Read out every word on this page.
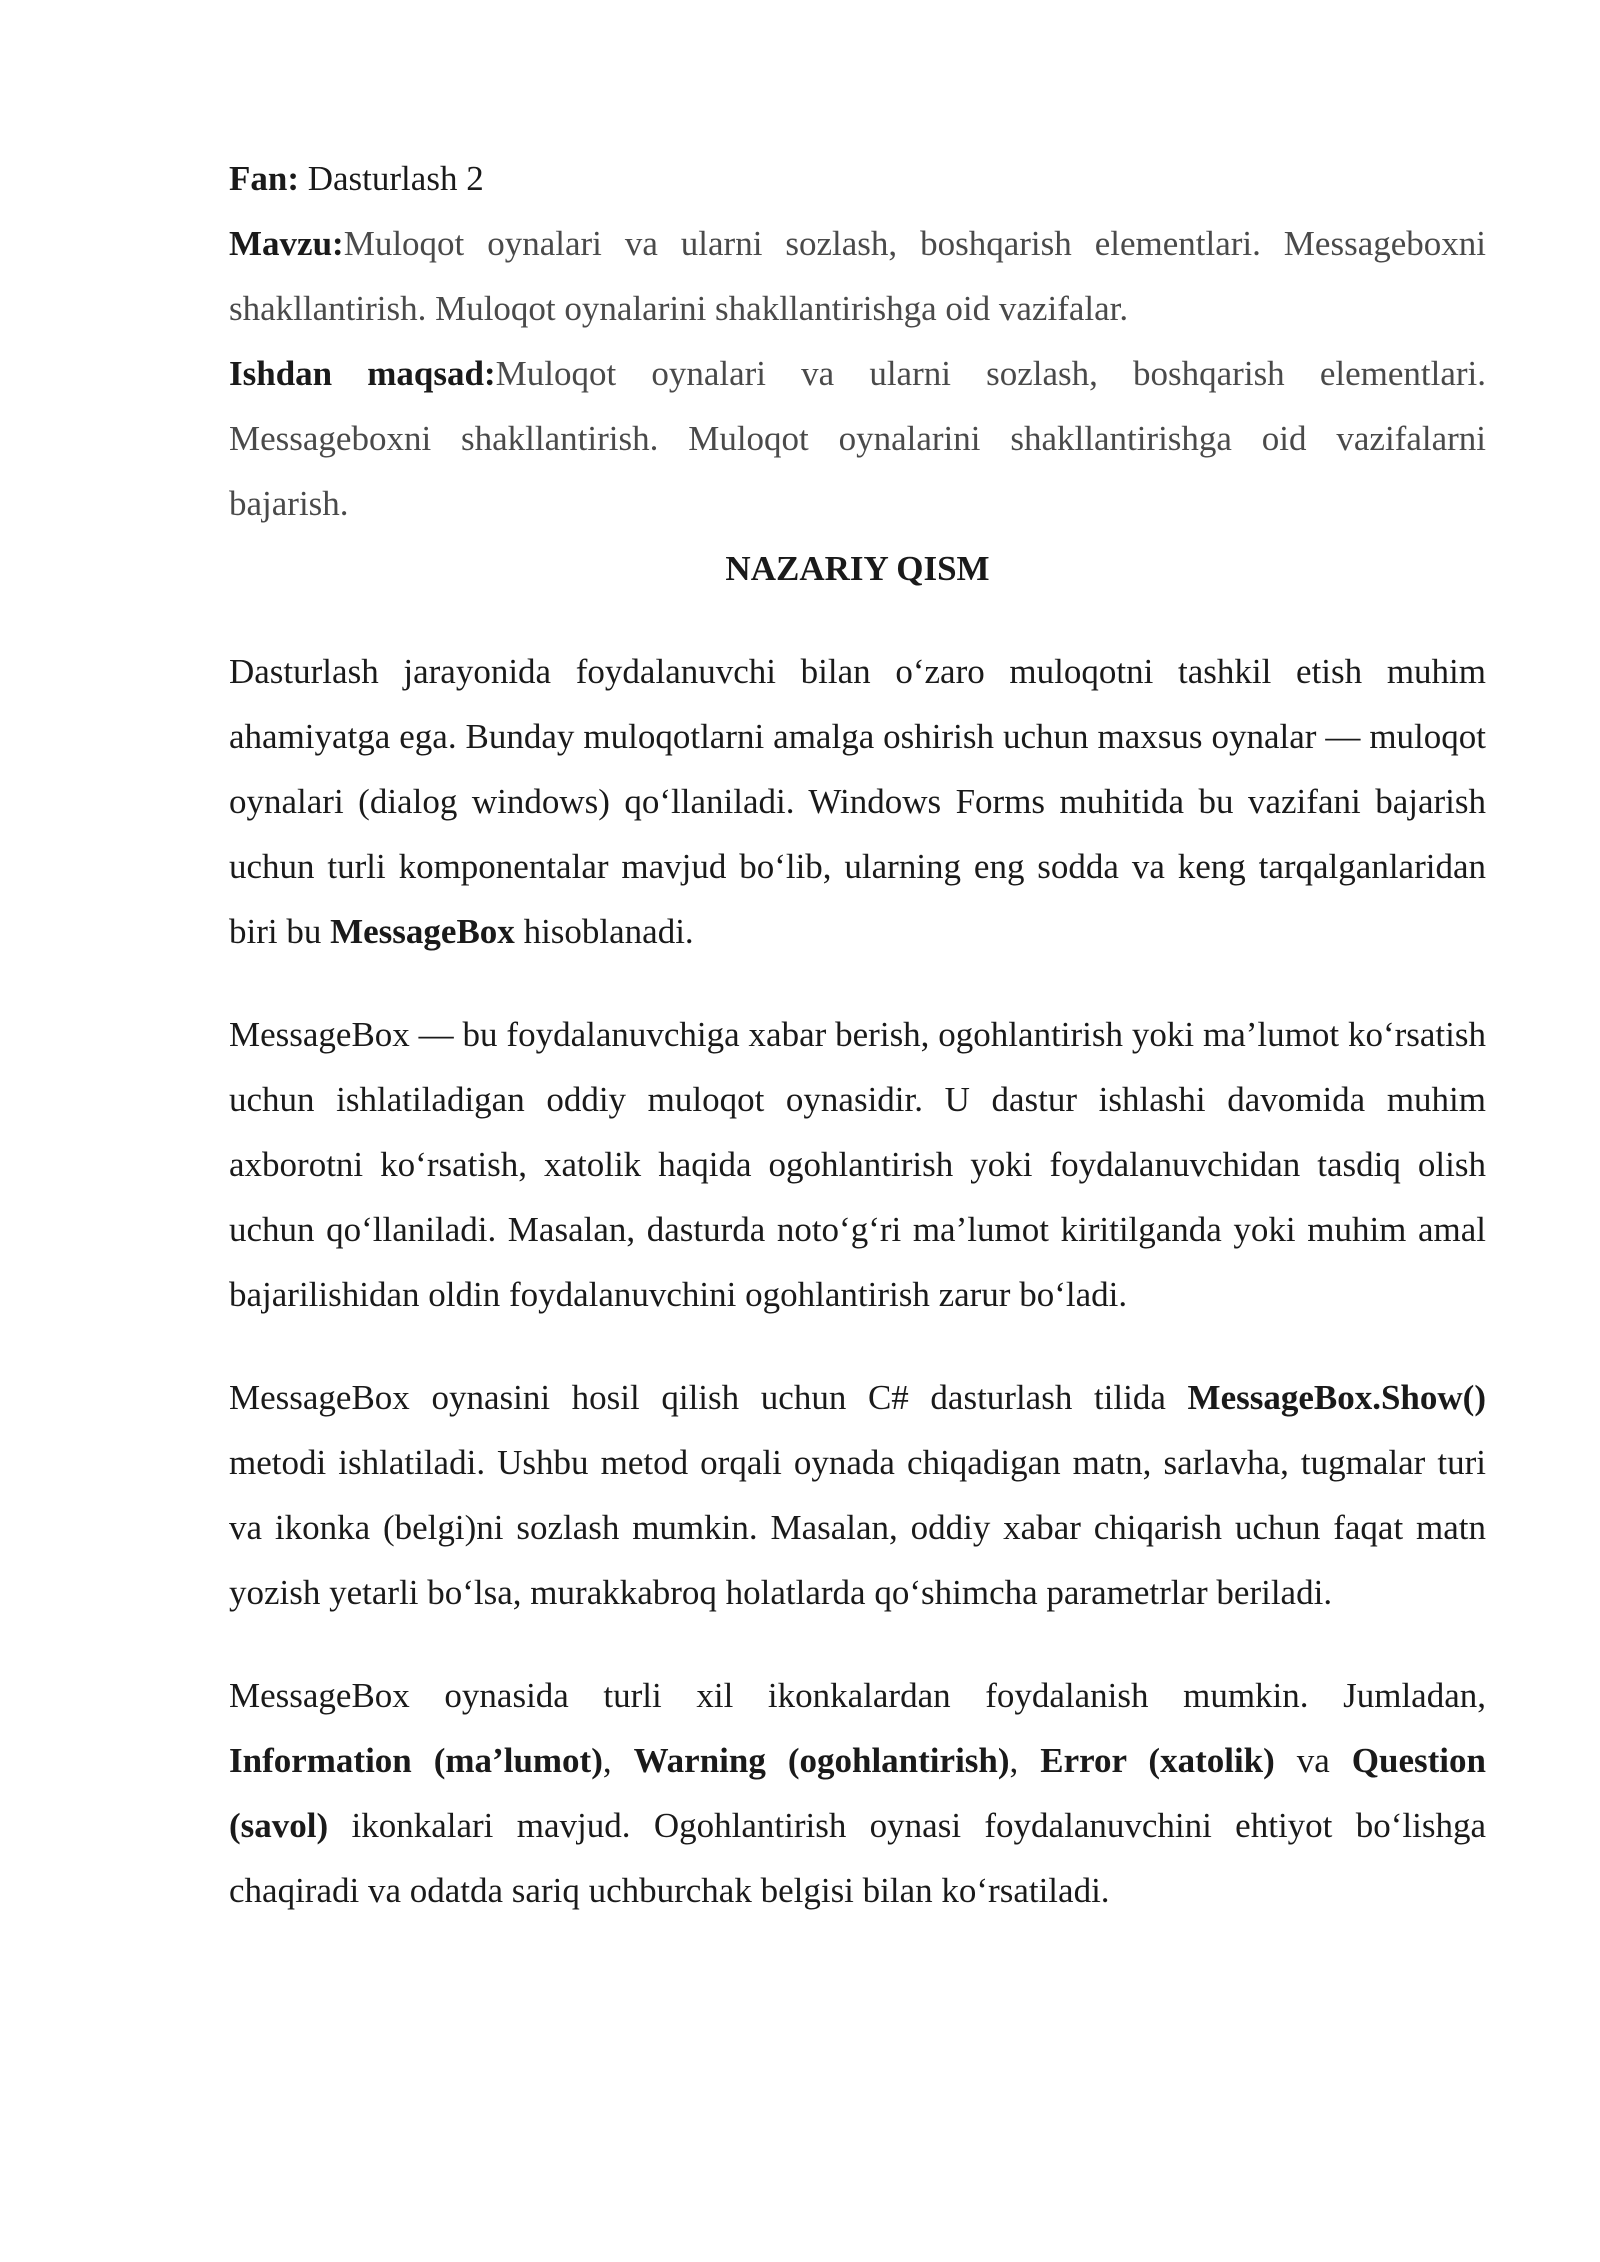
Fan: Dasturlash 2

Mavzu:Muloqot oynalari va ularni sozlash, boshqarish elementlari. Messageboxni shakllantirish. Muloqot oynalarini shakllantirishga oid vazifalar.

Ishdan maqsad:Muloqot oynalari va ularni sozlash, boshqarish elementlari. Messageboxni shakllantirish. Muloqot oynalarini shakllantirishga oid vazifalarni bajarish.

NAZARIY QISM

Dasturlash jarayonida foydalanuvchi bilan o‘zaro muloqotni tashkil etish muhim ahamiyatga ega. Bunday muloqotlarni amalga oshirish uchun maxsus oynalar — muloqot oynalari (dialog windows) qo‘llaniladi. Windows Forms muhitida bu vazifani bajarish uchun turli komponentalar mavjud bo‘lib, ularning eng sodda va keng tarqalganlaridan biri bu MessageBox hisoblanadi.

MessageBox — bu foydalanuvchiga xabar berish, ogohlantirish yoki ma’lumot ko‘rsatish uchun ishlatiladigan oddiy muloqot oynasidir. U dastur ishlashi davomida muhim axborotni ko‘rsatish, xatolik haqida ogohlantirish yoki foydalanuvchidan tasdiq olish uchun qo‘llaniladi. Masalan, dasturda noto‘g‘ri ma’lumot kiritilganda yoki muhim amal bajarilishidan oldin foydalanuvchini ogohlantirish zarur bo‘ladi.

MessageBox oynasini hosil qilish uchun C# dasturlash tilida MessageBox.Show() metodi ishlatiladi. Ushbu metod orqali oynada chiqadigan matn, sarlavha, tugmalar turi va ikonka (belgi)ni sozlash mumkin. Masalan, oddiy xabar chiqarish uchun faqat matn yozish yetarli bo‘lsa, murakkabroq holatlarda qo‘shimcha parametrlar beriladi.

MessageBox oynasida turli xil ikonkalardan foydalanish mumkin. Jumladan, Information (ma’lumot), Warning (ogohlantirish), Error (xatolik) va Question (savol) ikonkalari mavjud. Ogohlantirish oynasi foydalanuvchini ehtiyot bo‘lishga chaqiradi va odatda sariq uchburchak belgisi bilan ko‘rsatiladi.
